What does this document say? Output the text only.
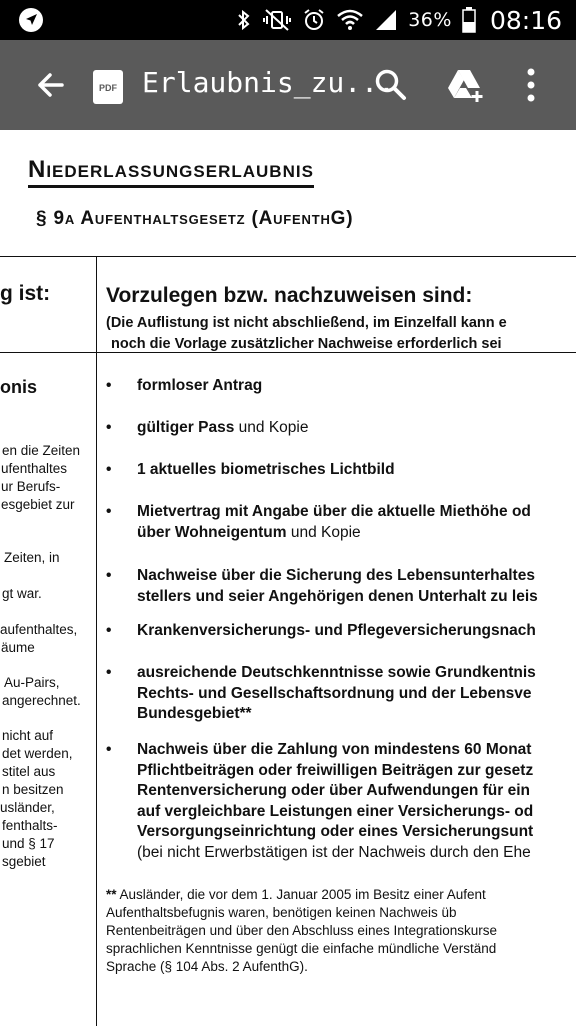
36% 08:16
PDF Erlaubnis_zu...
Niederlassungserlaubnis
§ 9a Aufenthaltsgesetz (AufenthG)
g ist:
onis
en die Zeiten
ufenthaltes
ur Berufs-
esgebiet zur
Zeiten, in
gt war.
aufenthaltes,
äume
Au-Pairs,
angerechnet.
nicht auf
det werden,
stitel aus
n besitzen
usländer,
fenthalts-
und § 17
sgebiet
Vorzulegen bzw. nachzuweisen sind:
(Die Auflistung ist nicht abschließend, im Einzelfall kann e
noch die Vorlage zusätzlicher Nachweise erforderlich sei
• formloser Antrag
• gültiger Pass und Kopie
• 1 aktuelles biometrisches Lichtbild
• Mietvertrag mit Angabe über die aktuelle Miethöhe od
über Wohneigentum und Kopie
• Nachweise über die Sicherung des Lebensunterhaltes
stellers und seier Angehörigen denen Unterhalt zu leis
• Krankenversicherungs- und Pflegeversicherungsnach
• ausreichende Deutschkenntnisse sowie Grundkentnis
Rechts- und Gesellschaftsordnung und der Lebensve
Bundesgebiet**
• Nachweis über die Zahlung von mindestens 60 Monat
Pflichtbeiträgen oder freiwilligen Beiträgen zur gesetz
Rentenversicherung oder über Aufwendungen für ein
auf vergleichbare Leistungen einer Versicherungs- od
Versorgungseinrichtung oder eines Versicherungsunt
(bei nicht Erwerbstätigen ist der Nachweis durch den Ehe
** Ausländer, die vor dem 1. Januar 2005 im Besitz einer Aufent
Aufenthaltsbefugnis waren, benötigen keinen Nachweis üb
Rentenbeiträgen und über den Abschluss eines Integrationskurse
sprachlichen Kenntnisse genügt die einfache mündliche Verständ
Sprache (§ 104 Abs. 2 AufenthG).
